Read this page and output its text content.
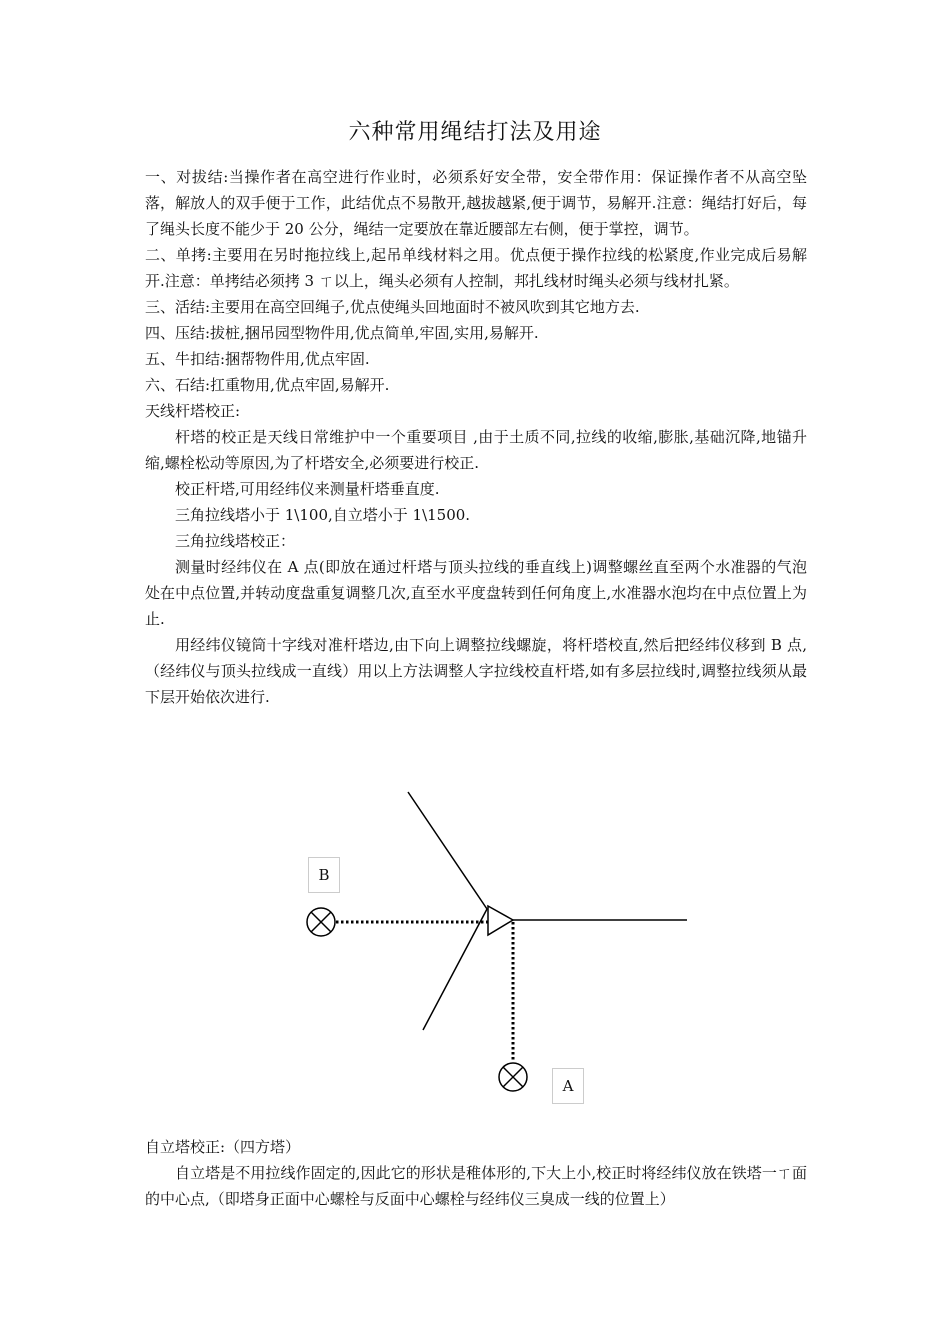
六种常用绳结打法及用途

一、对拔结:当操作者在高空进行作业时，必须系好安全带，安全带作用：保证操作者不从高空坠落，解放人的双手便于工作，此结优点不易散开,越拔越紧,便于调节，易解开.注意：绳结打好后，每了绳头长度不能少于 20 公分，绳结一定要放在靠近腰部左右侧，便于掌控，调节。

二、单拷:主要用在另时拖拉线上,起吊单线材料之用。优点便于操作拉线的松紧度,作业完成后易解开.注意：单拷结必须拷 3 ㄒ以上，绳头必须有人控制，邦扎线材时绳头必须与线材扎紧。

三、活结:主要用在高空回绳子,优点使绳头回地面时不被风吹到其它地方去.

四、压结:拔桩,捆吊园型物件用,优点简单,牢固,实用,易解开.

五、牛扣结:捆帮物件用,优点牢固.

六、石结:扛重物用,优点牢固,易解开.

天线杆塔校正:

杆塔的校正是天线日常维护中一个重要项目 ,由于土质不同,拉线的收缩,膨胀,基础沉降,地锚升缩,螺栓松动等原因,为了杆塔安全,必须要进行校正.

校正杆塔,可用经纬仪来测量杆塔垂直度.

三角拉线塔小于 1\100,自立塔小于 1\1500.

三角拉线塔校正：

测量时经纬仪在 A 点(即放在通过杆塔与顶头拉线的垂直线上)调整螺丝直至两个水准器的气泡处在中点位置,并转动度盘重复调整几次,直至水平度盘转到任何角度上,水准器水泡均在中点位置上为止.

用经纬仪镜筒十字线对准杆塔边,由下向上调整拉线螺旋，将杆塔校直,然后把经纬仪移到 B 点,（经纬仪与顶头拉线成一直线）用以上方法调整人字拉线校直杆塔,如有多层拉线时,调整拉线须从最下层开始依次进行.

B
A

自立塔校正:（四方塔）

自立塔是不用拉线作固定的,因此它的形状是稚体形的,下大上小,校正时将经纬仪放在铁塔一ㄒ面的中心点,（即塔身正面中心螺栓与反面中心螺栓与经纬仪三臭成一线的位置上）
